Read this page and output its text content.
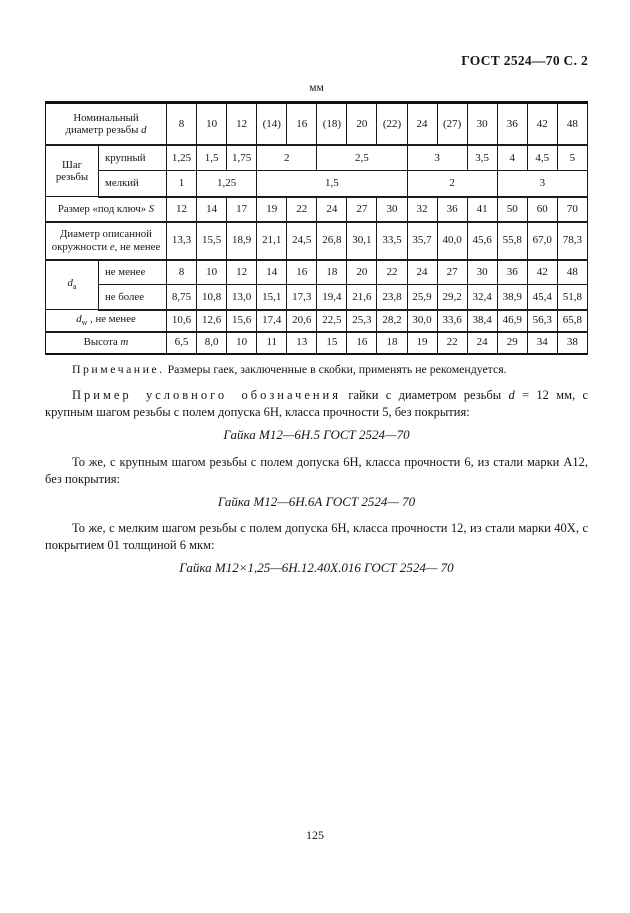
ГОСТ 2524—70 С. 2
мм
Номинальный
диаметр резьбы d		8	10	12	(14)	16	(18)	20	(22)	24	(27)	30	36	42	48
Шаг
резьбы	крупный	1,25	1,5	1,75	2		2,5			3		3,5	4	4,5	5
	мелкий	1	1,25		1,5					2			3		
Размер «под ключ» S		12	14	17	19	22	24	27	30	32	36	41	50	60	70
Диаметр описанной
окружности е, не менее		13,3	15,5	18,9	21,1	24,5	26,8	30,1	33,5	35,7	40,0	45,6	55,8	67,0	78,3
$d_а$	не менее	8	10	12	14	16	18	20	22	24	27	30	36	42	48
	не более	8,75	10,8	13,0	15,1	17,3	19,4	21,6	23,8	25,9	29,2	32,4	38,9	45,4	51,8
$d_w$ , не менее		10,6	12,6	15,6	17,4	20,6	22,5	25,3	28,2	30,0	33,6	38,4	46,9	56,3	65,8
Высота m		6,5	8,0	10	11	13	15	16	18	19	22	24	29	34	38

Примечание. Размеры гаек, заключенные в скобки, применять не рекомендуется.

Пример условного обозначения гайки с диаметром резьбы d = 12 мм, с крупным шагом резьбы с полем допуска 6Н, класса прочности 5, без покрытия:

Гайка М12—6Н.5 ГОСТ 2524—70

То же, с крупным шагом резьбы с полем допуска 6Н, класса прочности 6, из стали марки А12, без покрытия:

Гайка М12—6Н.6А ГОСТ 2524— 70

То же, с мелким шагом резьбы с полем допуска 6Н, класса прочности 12, из стали марки 40Х, с покрытием 01 толщиной 6 мкм:

Гайка М12×1,25—6Н.12.40Х.016 ГОСТ 2524— 70

125
